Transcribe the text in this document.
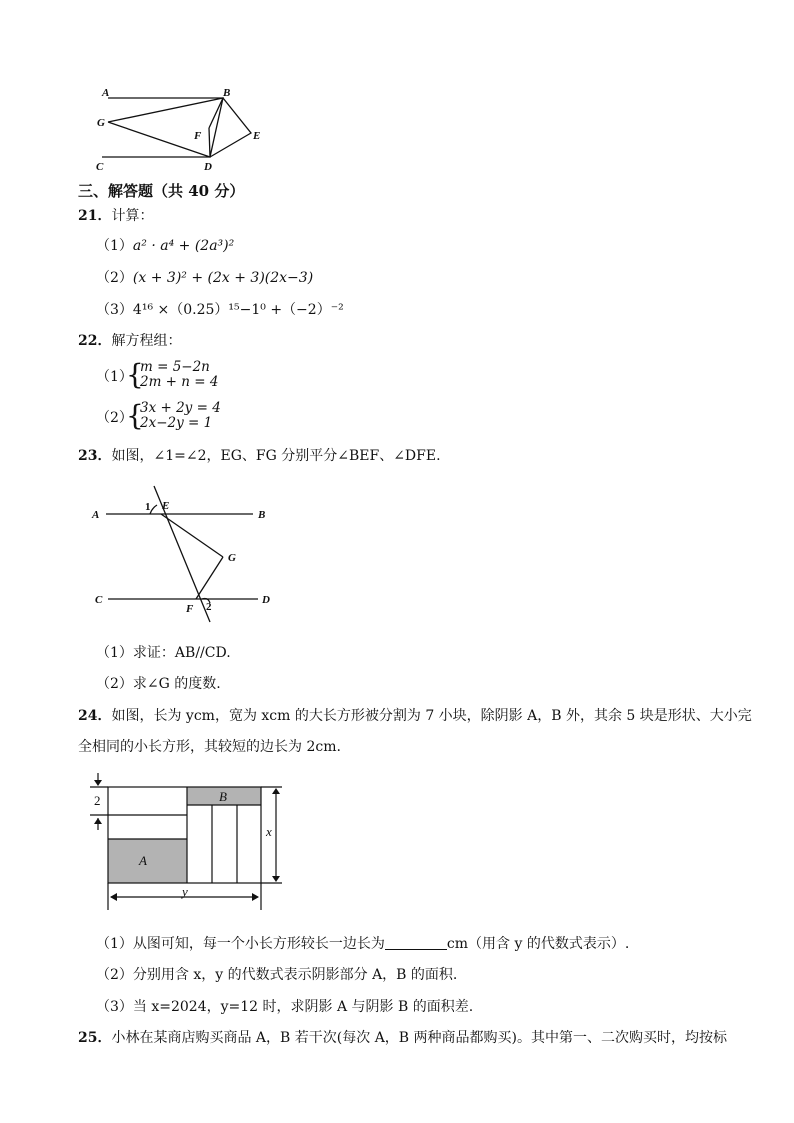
A	B
G
F	E
C	D
三、解答题（共 40 分）
21．计算：
（1）a² · a⁴ + (2a³)²
（2）(x + 3)² + (2x + 3)(2x−3)
（3）4¹⁶ ×（0.25）¹⁵−1⁰ +（−2）⁻²
22．解方程组：
（1）
{
m = 5−2n
2m + n = 4
（2）
{
3x + 2y = 4
2x−2y = 1
23．如图，∠1=∠2，EG、FG 分别平分∠BEF、∠DFE.
A
1 E
B
G
C
F 2
D
（1）求证：AB//CD.
（2）求∠G 的度数.
24．如图，长为 ycm，宽为 xcm 的大长方形被分割为 7 小块，除阴影 A，B 外，其余 5 块是形状、大小完
全相同的小长方形，其较短的边长为 2cm.
2
A
B
x
y
（1）从图可知，每一个小长方形较长一边长为	cm（用含 y 的代数式表示）.
（2）分别用含 x，y 的代数式表示阴影部分 A，B 的面积.
（3）当 x=2024，y=12 时，求阴影 A 与阴影 B 的面积差.
25．小林在某商店购买商品 A，B 若干次(每次 A，B 两种商品都购买)。其中第一、二次购买时，均按标
